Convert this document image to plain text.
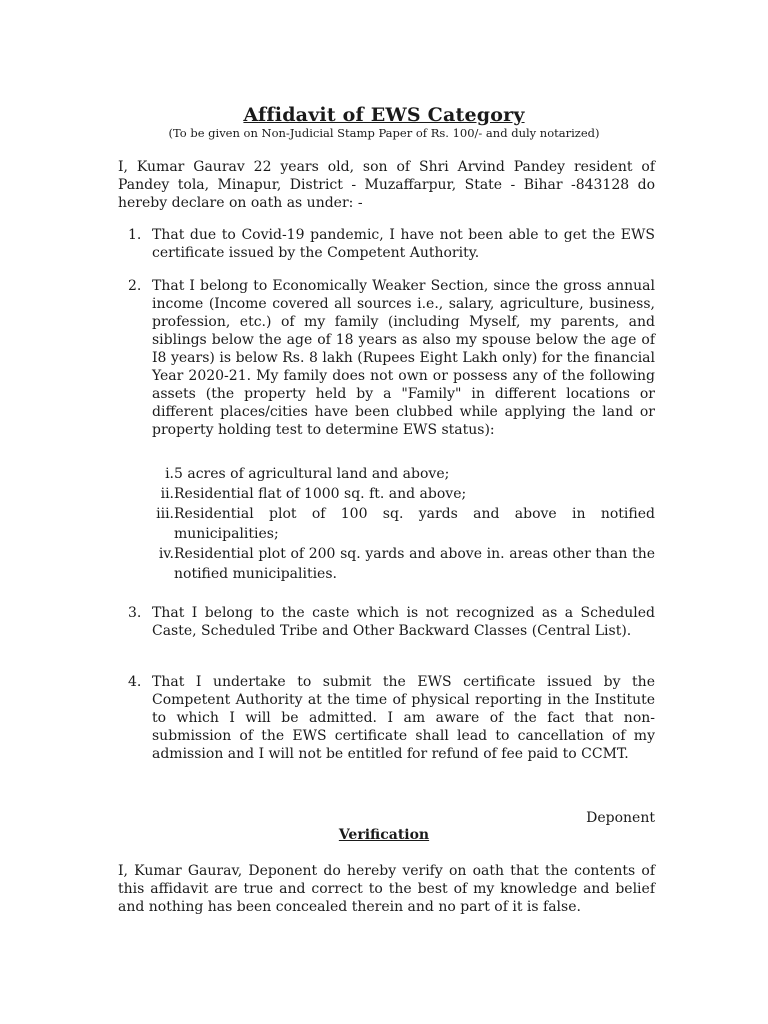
Affidavit of EWS Category
(To be given on Non-Judicial Stamp Paper of Rs. 100/- and duly notarized)
I, Kumar Gaurav 22 years old, son of Shri Arvind Pandey resident of Pandey tola, Minapur, District - Muzaffarpur, State - Bihar -843128 do hereby declare on oath as under: -
1. That due to Covid-19 pandemic, I have not been able to get the EWS certificate issued by the Competent Authority.
2. That I belong to Economically Weaker Section, since the gross annual income (Income covered all sources i.e., salary, agriculture, business, profession, etc.) of my family (including Myself, my parents, and siblings below the age of 18 years as also my spouse below the age of I8 years) is below Rs. 8 lakh (Rupees Eight Lakh only) for the financial Year 2020-21. My family does not own or possess any of the following assets (the property held by a "Family" in different locations or different places/cities have been clubbed while applying the land or property holding test to determine EWS status):
i. 5 acres of agricultural land and above;
ii. Residential flat of 1000 sq. ft. and above;
iii. Residential plot of 100 sq. yards and above in notified municipalities;
iv. Residential plot of 200 sq. yards and above in. areas other than the notified municipalities.
3. That I belong to the caste which is not recognized as a Scheduled Caste, Scheduled Tribe and Other Backward Classes (Central List).
4. That I undertake to submit the EWS certificate issued by the Competent Authority at the time of physical reporting in the Institute to which I will be admitted. I am aware of the fact that non-submission of the EWS certificate shall lead to cancellation of my admission and I will not be entitled for refund of fee paid to CCMT.
Deponent
Verification
I, Kumar Gaurav, Deponent do hereby verify on oath that the contents of this affidavit are true and correct to the best of my knowledge and belief and nothing has been concealed therein and no part of it is false.
